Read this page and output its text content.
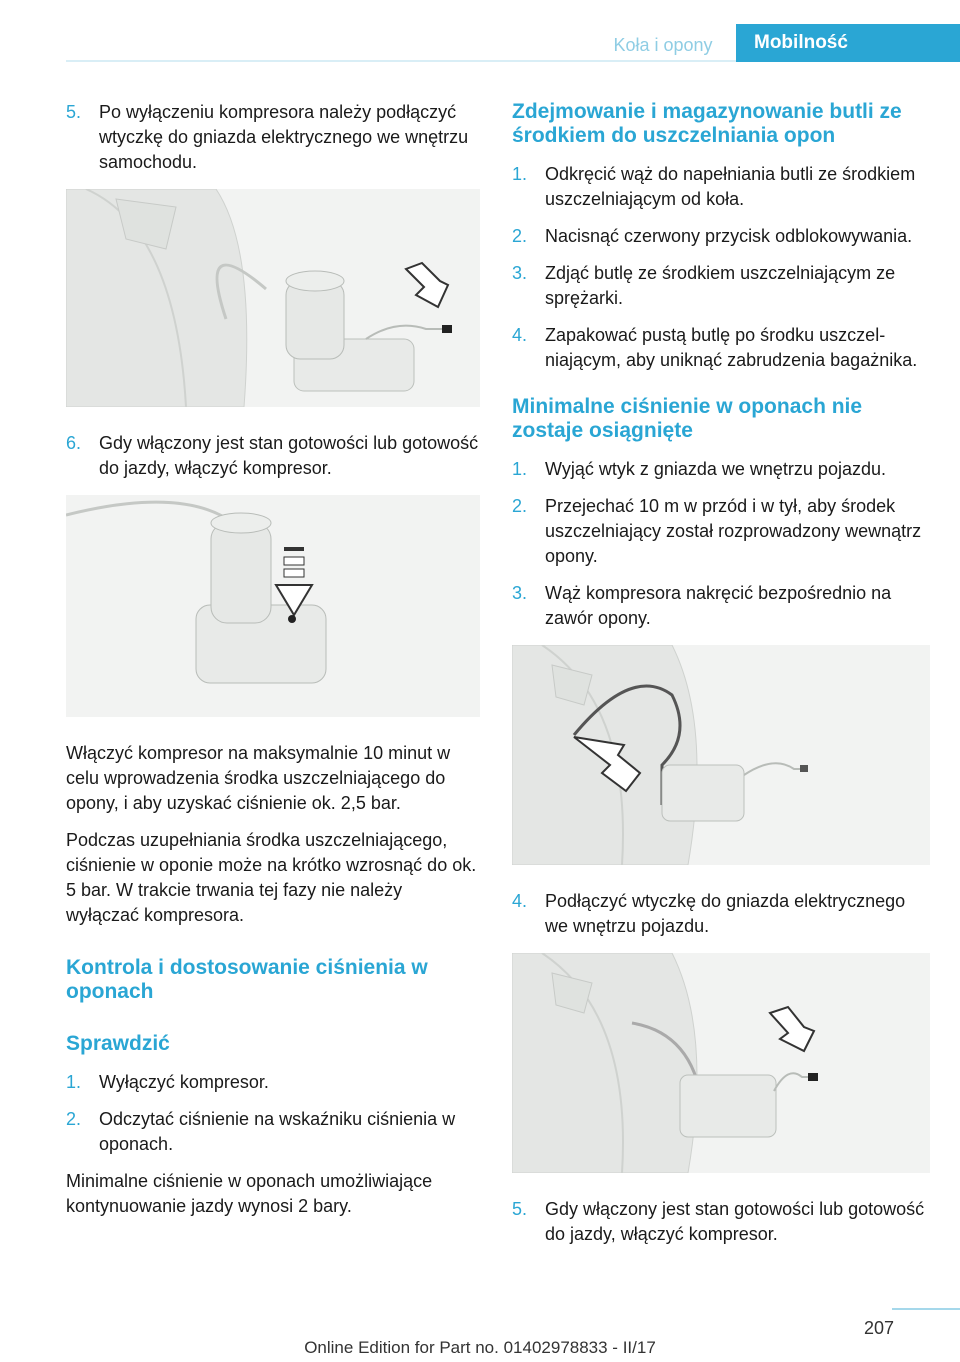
Koła i opony	Mobilność
5. Po wyłączeniu kompresora należy podłączyć wtyczkę do gniazda elektrycznego we wnętrzu samochodu.
6. Gdy włączony jest stan gotowości lub gotowość do jazdy, włączyć kompresor.

Włączyć kompresor na maksymalnie 10 minut w celu wprowadzenia środka uszczelniającego do opony, i aby uzyskać ciśnienie ok. 2,5 bar.

Podczas uzupełniania środka uszczelniającego, ciśnienie w oponie może na krótko wzrosnąć do ok. 5 bar. W trakcie trwania tej fazy nie należy wyłączać kompresora.

Kontrola i dostosowanie ciśnienia w oponach
Sprawdzić
1. Wyłączyć kompresor.
2. Odczytać ciśnienie na wskaźniku ciśnienia w oponach.

Minimalne ciśnienie w oponach umożliwiające kontynuowanie jazdy wynosi 2 bary.

Zdejmowanie i magazynowanie butli ze środkiem do uszczelniania opon
1. Odkręcić wąż do napełniania butli ze środkiem uszczelniającym od koła.
2. Nacisnąć czerwony przycisk odblokowywania.
3. Zdjąć butlę ze środkiem uszczelniającym ze sprężarki.
4. Zapakować pustą butlę po środku uszczelniającym, aby uniknąć zabrudzenia bagażnika.
Minimalne ciśnienie w oponach nie zostaje osiągnięte
1. Wyjąć wtyk z gniazda we wnętrzu pojazdu.
2. Przejechać 10 m w przód i w tył, aby środek uszczelniający został rozprowadzony wewnątrz opony.
3. Wąż kompresora nakręcić bezpośrednio na zawór opony.
4. Podłączyć wtyczkę do gniazda elektrycznego we wnętrzu pojazdu.
5. Gdy włączony jest stan gotowości lub gotowość do jazdy, włączyć kompresor.
207
Online Edition for Part no. 01402978833 - II/17
